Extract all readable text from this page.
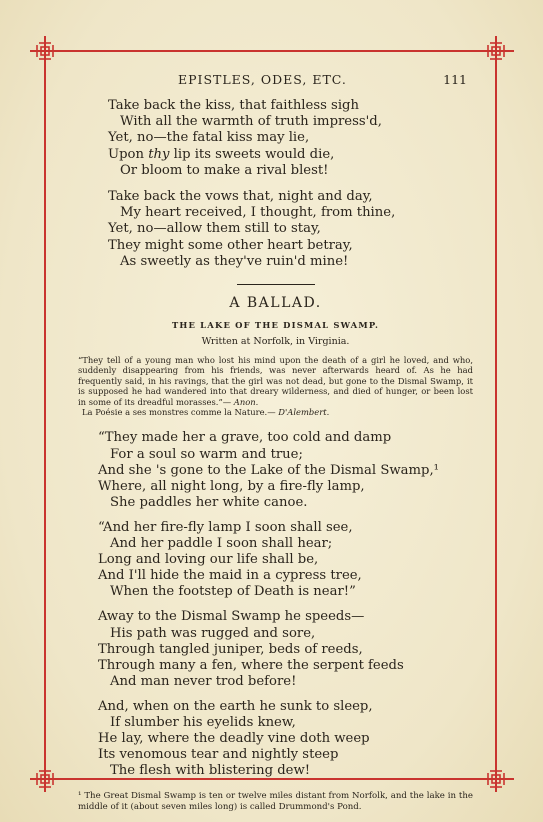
EPISTLES, ODES, ETC.	111
Take back the kiss, that faithless sigh
With all the warmth of truth impress'd,
Yet, no—the fatal kiss may lie,
Upon thy lip its sweets would die,
Or bloom to make a rival blest!
Take back the vows that, night and day,
My heart received, I thought, from thine,
Yet, no—allow them still to stay,
They might some other heart betray,
As sweetly as they've ruin'd mine!
A BALLAD.
THE LAKE OF THE DISMAL SWAMP.
Written at Norfolk, in Virginia.
“They tell of a young man who lost his mind upon the death of a girl he loved, and who, suddenly disappearing from his friends, was never afterwards heard of. As he had frequently said, in his ravings, that the girl was not dead, but gone to the Dismal Swamp, it is supposed he had wandered into that dreary wilderness, and died of hunger, or been lost in some of its dreadful morasses.”— Anon.
La Poésie a ses monstres comme la Nature.— D'Alembert.
“They made her a grave, too cold and damp
For a soul so warm and true;
And she 's gone to the Lake of the Dismal Swamp,¹
Where, all night long, by a fire-fly lamp,
She paddles her white canoe.
“And her fire-fly lamp I soon shall see,
And her paddle I soon shall hear;
Long and loving our life shall be,
And I'll hide the maid in a cypress tree,
When the footstep of Death is near!”
Away to the Dismal Swamp he speeds—
His path was rugged and sore,
Through tangled juniper, beds of reeds,
Through many a fen, where the serpent feeds
And man never trod before!
And, when on the earth he sunk to sleep,
If slumber his eyelids knew,
He lay, where the deadly vine doth weep
Its venomous tear and nightly steep
The flesh with blistering dew!
¹ The Great Dismal Swamp is ten or twelve miles distant from Norfolk, and the lake in the middle of it (about seven miles long) is called Drummond's Pond.
